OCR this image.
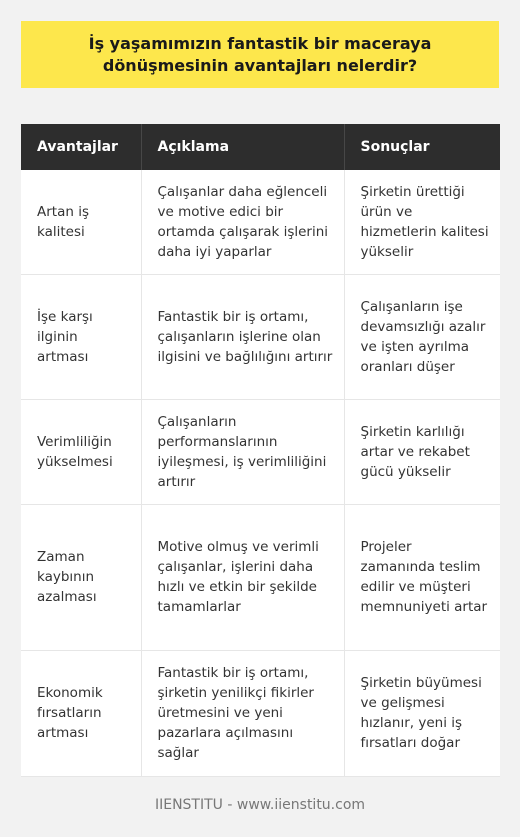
İş yaşamımızın fantastik bir maceraya dönüşmesinin avantajları nelerdir?
Avantajlar	Açıklama	Sonuçlar
Artan iş kalitesi	Çalışanlar daha eğlenceli ve motive edici bir ortamda çalışarak işlerini daha iyi yaparlar	Şirketin ürettiği ürün ve hizmetlerin kalitesi yükselir
İşe karşı ilginin artması	Fantastik bir iş ortamı, çalışanların işlerine olan ilgisini ve bağlılığını artırır	Çalışanların işe devamsızlığı azalır ve işten ayrılma oranları düşer
Verimliliğin yükselmesi	Çalışanların performanslarının iyileşmesi, iş verimliliğini artırır	Şirketin karlılığı artar ve rekabet gücü yükselir
Zaman kaybının azalması	Motive olmuş ve verimli çalışanlar, işlerini daha hızlı ve etkin bir şekilde tamamlarlar	Projeler zamanında teslim edilir ve müşteri memnuniyeti artar
Ekonomik fırsatların artması	Fantastik bir iş ortamı, şirketin yenilikçi fikirler üretmesini ve yeni pazarlara açılmasını sağlar	Şirketin büyümesi ve gelişmesi hızlanır, yeni iş fırsatları doğar
IIENSTITU - www.iienstitu.com
